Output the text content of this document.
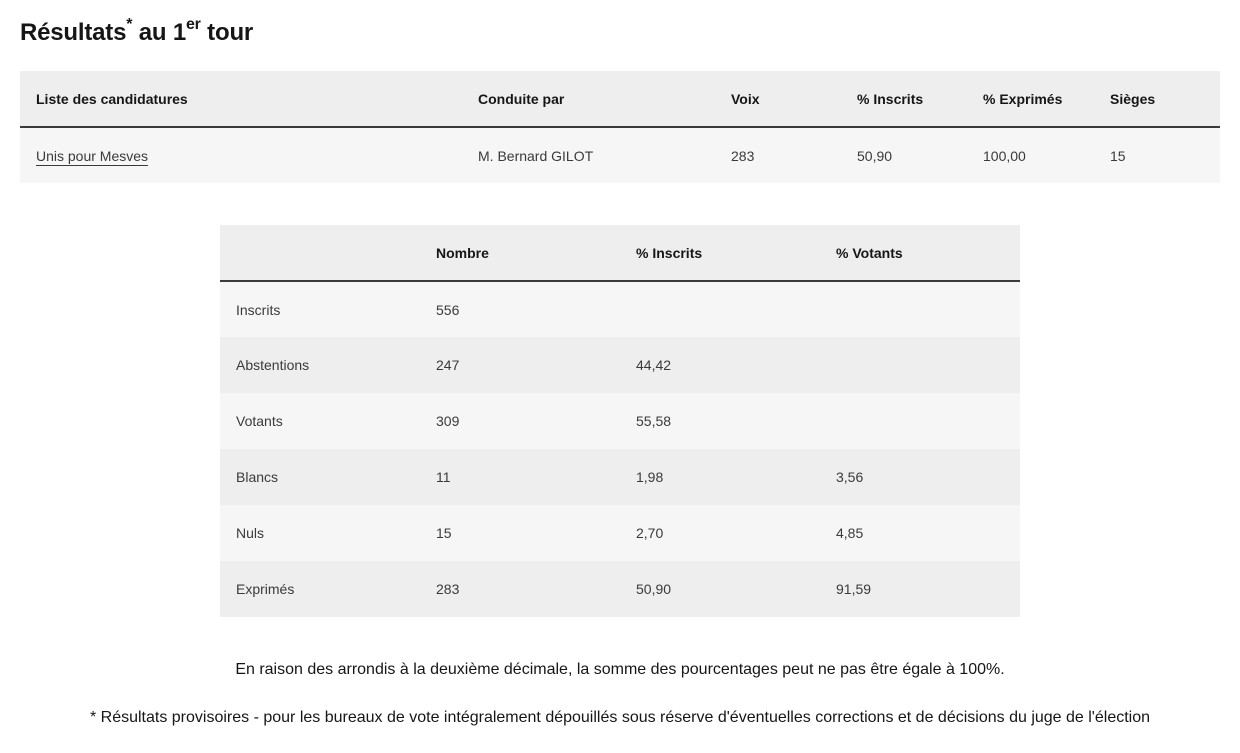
Résultats* au 1er tour
Liste des candidatures	Conduite par	Voix	% Inscrits	% Exprimés	Sièges
Unis pour Mesves	M. Bernard GILOT	283	50,90	100,00	15
	Nombre	% Inscrits	% Votants
Inscrits	556		
Abstentions	247	44,42	
Votants	309	55,58	
Blancs	11	1,98	3,56
Nuls	15	2,70	4,85
Exprimés	283	50,90	91,59

En raison des arrondis à la deuxième décimale, la somme des pourcentages peut ne pas être égale à 100%.

* Résultats provisoires - pour les bureaux de vote intégralement dépouillés sous réserve d'éventuelles corrections et de décisions du juge de l'élection
